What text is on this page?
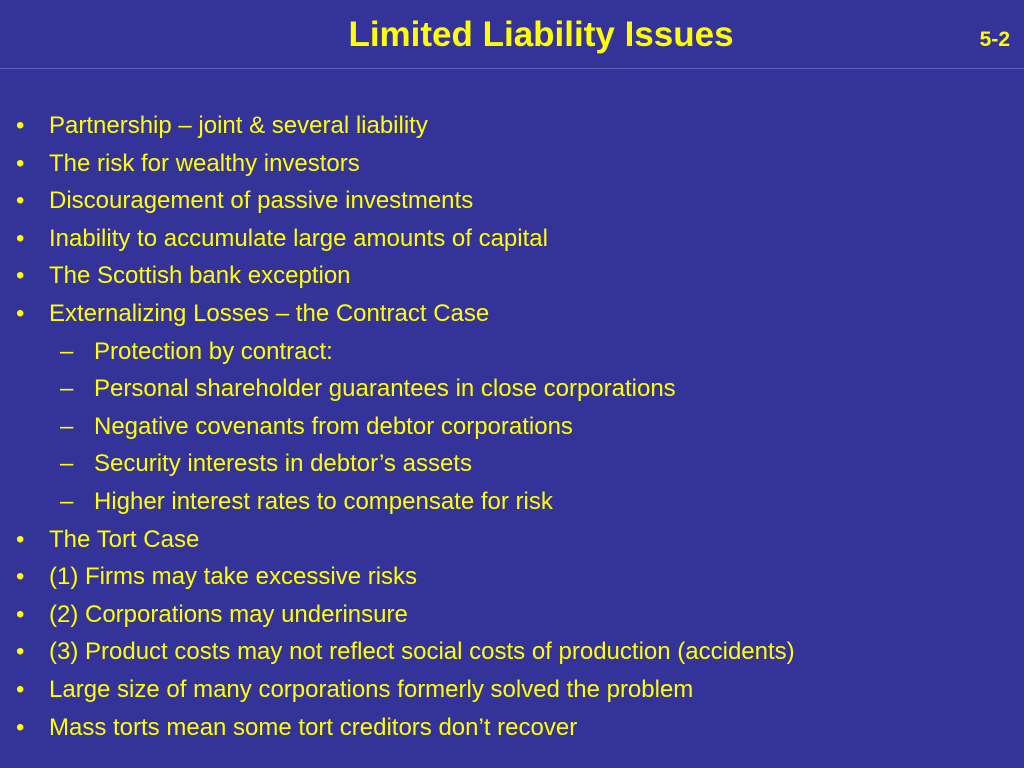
Limited Liability Issues	5-2
• Partnership – joint & several liability
• The risk for wealthy investors
• Discouragement of passive investments
• Inability to accumulate large amounts of capital
• The Scottish bank exception
• Externalizing Losses – the Contract Case
– Protection by contract:
– Personal shareholder guarantees in close corporations
– Negative covenants from debtor corporations
– Security interests in debtor’s assets
– Higher interest rates to compensate for risk
• The Tort Case
• (1) Firms may take excessive risks
• (2) Corporations may underinsure
• (3) Product costs may not reflect social costs of production (accidents)
• Large size of many corporations formerly solved the problem
• Mass torts mean some tort creditors don’t recover
